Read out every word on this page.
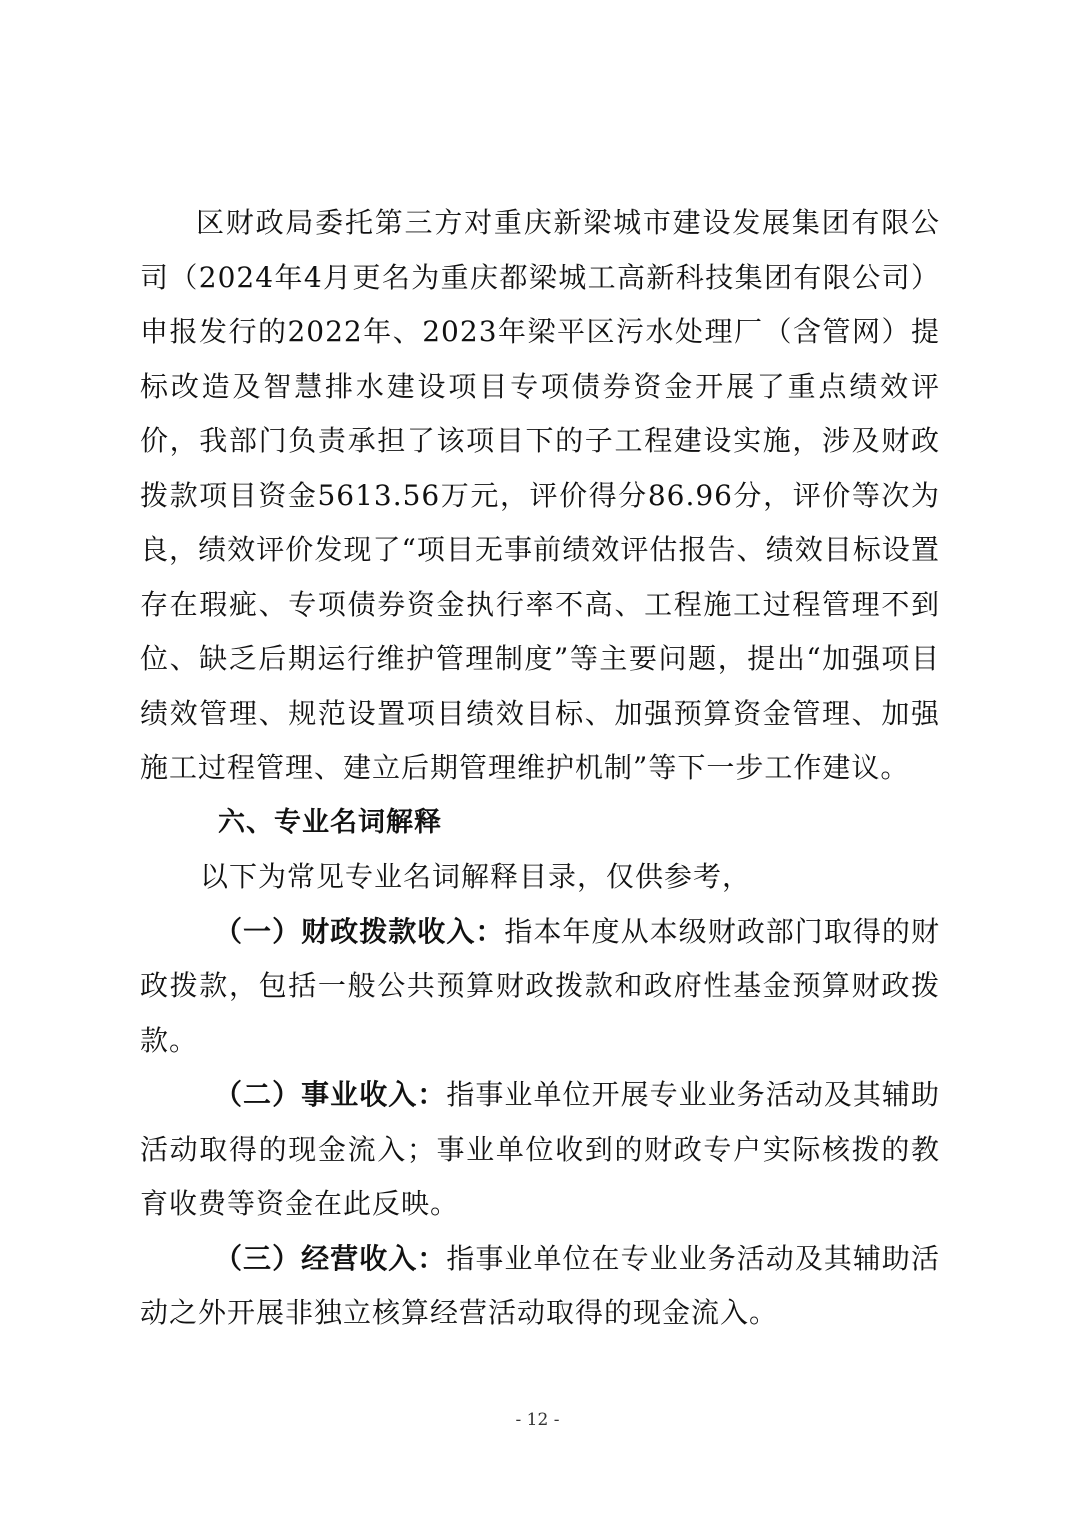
区财政局委托第三方对重庆新梁城市建设发展集团有限公司（2024年4月更名为重庆都梁城工高新科技集团有限公司）申报发行的2022年、2023年梁平区污水处理厂（含管网）提标改造及智慧排水建设项目专项债券资金开展了重点绩效评价，我部门负责承担了该项目下的子工程建设实施，涉及财政拨款项目资金5613.56万元，评价得分86.96分，评价等次为良，绩效评价发现了“项目无事前绩效评估报告、绩效目标设置存在瑕疵、专项债券资金执行率不高、工程施工过程管理不到位、缺乏后期运行维护管理制度”等主要问题，提出“加强项目绩效管理、规范设置项目绩效目标、加强预算资金管理、加强施工过程管理、建立后期管理维护机制”等下一步工作建议。

六、专业名词解释

以下为常见专业名词解释目录，仅供参考，

（一）财政拨款收入：指本年度从本级财政部门取得的财政拨款，包括一般公共预算财政拨款和政府性基金预算财政拨款。

（二）事业收入：指事业单位开展专业业务活动及其辅助活动取得的现金流入；事业单位收到的财政专户实际核拨的教育收费等资金在此反映。

（三）经营收入：指事业单位在专业业务活动及其辅助活动之外开展非独立核算经营活动取得的现金流入。

- 12 -
